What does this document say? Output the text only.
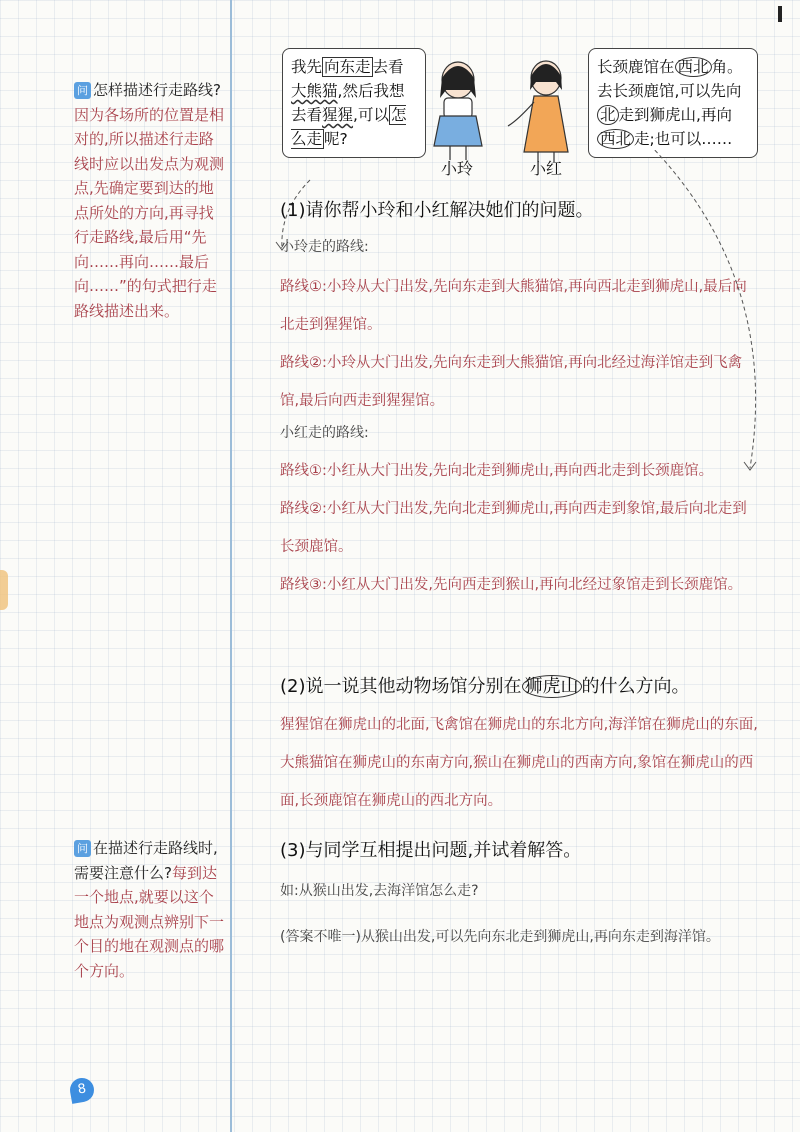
问 怎样描述行走路线?因为各场所的位置是相对的,所以描述行走路线时应以出发点为观测点,先确定要到达的地点所处的方向,再寻找行走路线,最后用“先向……再向……最后向……”的句式把行走路线描述出来。
问 在描述行走路线时,需要注意什么?每到达一个地点,就要以这个地点为观测点辨别下一个目的地在观测点的哪个方向。
我先 向东走 去看大熊猫,然后我想去看猩猩,可以 怎么走 呢?
小玲	小红
长颈鹿馆在 西北 角。去长颈鹿馆,可以先向北 走到狮虎山,再向西北 走;也可以……
(1)请你帮小玲和小红解决她们的问题。
小玲走的路线:
路线①:小玲从大门出发,先向东走到大熊猫馆,再向西北走到狮虎山,最后向北走到猩猩馆。
路线②:小玲从大门出发,先向东走到大熊猫馆,再向北经过海洋馆走到飞禽馆,最后向西走到猩猩馆。
小红走的路线:
路线①:小红从大门出发,先向北走到狮虎山,再向西北走到长颈鹿馆。
路线②:小红从大门出发,先向北走到狮虎山,再向西走到象馆,最后向北走到长颈鹿馆。
路线③:小红从大门出发,先向西走到猴山,再向北经过象馆走到长颈鹿馆。
(2)说一说其他动物场馆分别在 狮虎山 的什么方向。
猩猩馆在狮虎山的北面,飞禽馆在狮虎山的东北方向,海洋馆在狮虎山的东面,大熊猫馆在狮虎山的东南方向,猴山在狮虎山的西南方向,象馆在狮虎山的西面,长颈鹿馆在狮虎山的西北方向。
(3)与同学互相提出问题,并试着解答。
如:从猴山出发,去海洋馆怎么走?
(答案不唯一)从猴山出发,可以先向东北走到狮虎山,再向东走到海洋馆。
8
